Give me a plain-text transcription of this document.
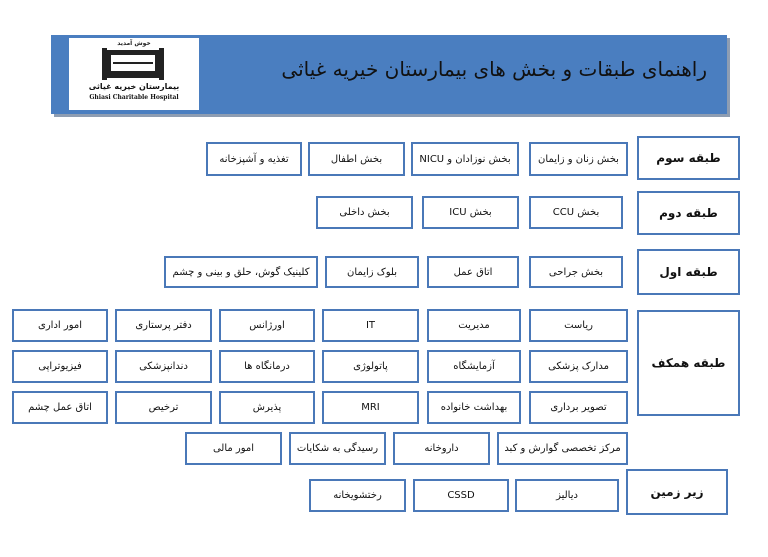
خوش آمدید
بیمارستان خیریه غیاثی
Ghiasi Charitable Hospital
راهنمای طبقات و بخش های بیمارستان خیریه غیاثی
طبقه سوم
بخش زنان و زایمان
بخش نوزادان و NICU
بخش اطفال
تغذیه و آشپزخانه
طبقه دوم
بخش CCU
بخش ICU
بخش داخلی
طبقه اول
بخش جراحی
اتاق عمل
بلوک زایمان
کلینیک گوش، حلق و بینی و چشم
طبقه همکف
ریاست
مدیریت
IT
اورژانس
دفتر پرستاری
امور اداری
مدارک پزشکی
آزمایشگاه
پاتولوژی
درمانگاه ها
دندانپزشکی
فیزیوتراپی
تصویر برداری
بهداشت خانواده
MRI
پذیرش
ترخیص
اتاق عمل چشم
مرکز تخصصی گوارش و کبد
داروخانه
رسیدگی به شکایات
امور مالی
زیر زمین
دیالیز
CSSD
رختشویخانه
